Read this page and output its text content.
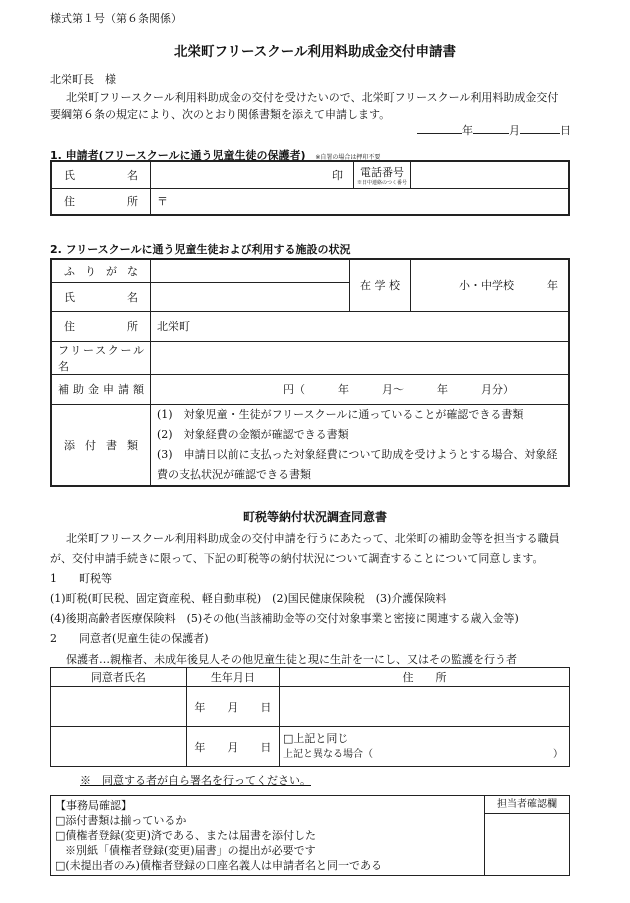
様式第１号（第６条関係）
北栄町フリースクール利用料助成金交付申請書
北栄町長　様
北栄町フリースクール利用料助成金の交付を受けたいので、北栄町フリースクール利用料助成金交付
要綱第６条の規定により、次のとおり関係書類を添えて申請します。
年	月	日
1. 申請者(フリースクールに通う児童生徒の保護者) ※自署の場合は押印不要
氏　　名	印	電話番号
※日中連絡のつく番号	

住　　所	〒		
2. フリースクールに通う児童生徒および利用する施設の状況
ふりがな		在学校	小・中学校　　　年

氏名			

住所	北栄町		

フリースクール名			

補助金申請額	円（　　　年　　　月～　　　年　　　月分）		

添付書類	(1)　対象児童・生徒がフリースクールに通っていることが確認できる書類
(2)　対象経費の金額が確認できる書類
(3)　申請日以前に支払った対象経費について助成を受けようとする場合、対象経
費の支払状況が確認できる書類		
町税等納付状況調査同意書
北栄町フリースクール利用料助成金の交付申請を行うにあたって、北栄町の補助金等を担当する職員
が、交付申請手続きに限って、下記の町税等の納付状況について調査することについて同意します。
1　　町税等
(1)町税(町民税、固定資産税、軽自動車税)　(2)国民健康保険税　(3)介護保険料
(4)後期高齢者医療保険料　(5)その他(当該補助金等の交付対象事業と密接に関連する歳入金等)
2　　同意者(児童生徒の保護者)
保護者…親権者、未成年後見人その他児童生徒と現に生計を一にし、又はその監護を行う者
同意者氏名	生年月日	住　　所
	年　　月　　日	
	年　　月　　日	□上記と同じ
上記と異なる場合（　　　　　　　　　　　　　　　　　　）
※　同意する者が自ら署名を行ってください。
【事務局確認】
□添付書類は揃っているか
□債権者登録(変更)済である、または届書を添付した
※別紙「債権者登録(変更)届書」の提出が必要です
□(未提出者のみ)債権者登録の口座名義人は申請者名と同一である

担当者確認欄
